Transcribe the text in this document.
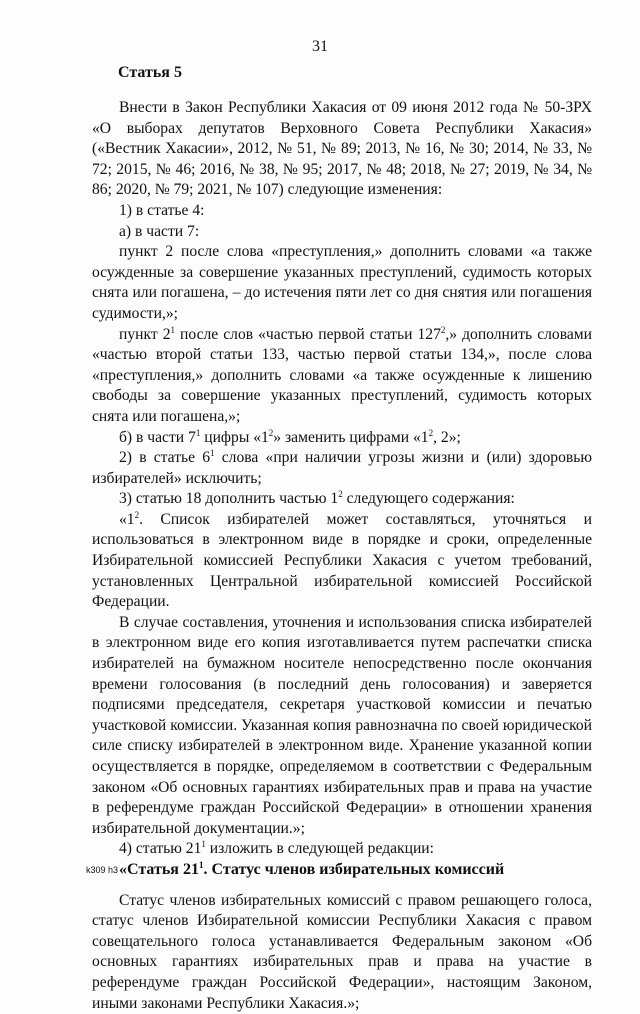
31
Статья 5

Внести в Закон Республики Хакасия от 09 июня 2012 года № 50-ЗРХ «О выборах депутатов Верховного Совета Республики Хакасия» («Вестник Хакасии», 2012, № 51, № 89; 2013, № 16, № 30; 2014, № 33, № 72; 2015, № 46; 2016, № 38, № 95; 2017, № 48; 2018, № 27; 2019, № 34, № 86; 2020, № 79; 2021, № 107) следующие изменения:

1) в статье 4:

а) в части 7:

пункт 2 после слова «преступления,» дополнить словами «а также осужденные за совершение указанных преступлений, судимость которых снята или погашена, – до истечения пяти лет со дня снятия или погашения судимости,»;

пункт $2^1$ после слов «частью первой статьи $127^2$,» дополнить словами «частью второй статьи 133, частью первой статьи 134,», после слова «преступления,» дополнить словами «а также осужденные к лишению свободы за совершение указанных преступлений, судимость которых снята или погашена,»;

б) в части $7^1$ цифры «$1^2$» заменить цифрами «$1^2$, 2»;

2) в статье $6^1$ слова «при наличии угрозы жизни и (или) здоровью избирателей» исключить;

3) статью 18 дополнить частью $1^2$ следующего содержания:

«$1^2$. Список избирателей может составляться, уточняться и использоваться в электронном виде в порядке и сроки, определенные Избирательной комиссией Республики Хакасия с учетом требований, установленных Центральной избирательной комиссией Российской Федерации.

В случае составления, уточнения и использования списка избирателей в электронном виде его копия изготавливается путем распечатки списка избирателей на бумажном носителе непосредственно после окончания времени голосования (в последний день голосования) и заверяется подписями председателя, секретаря участковой комиссии и печатью участковой комиссии. Указанная копия равнозначна по своей юридической силе списку избирателей в электронном виде. Хранение указанной копии осуществляется в порядке, определяемом в соответствии с Федеральным законом «Об основных гарантиях избирательных прав и права на участие в референдуме граждан Российской Федерации» в отношении хранения избирательной документации.»;

4) статью $21^1$ изложить в следующей редакции:

«Статья $21^1$. Статус членов избирательных комиссий

Статус членов избирательных комиссий с правом решающего голоса, статус членов Избирательной комиссии Республики Хакасия с правом совещательного голоса устанавливается Федеральным законом «Об основных гарантиях избирательных прав и права на участие в референдуме граждан Российской Федерации», настоящим Законом, иными законами Республики Хакасия.»;

k309 h3
